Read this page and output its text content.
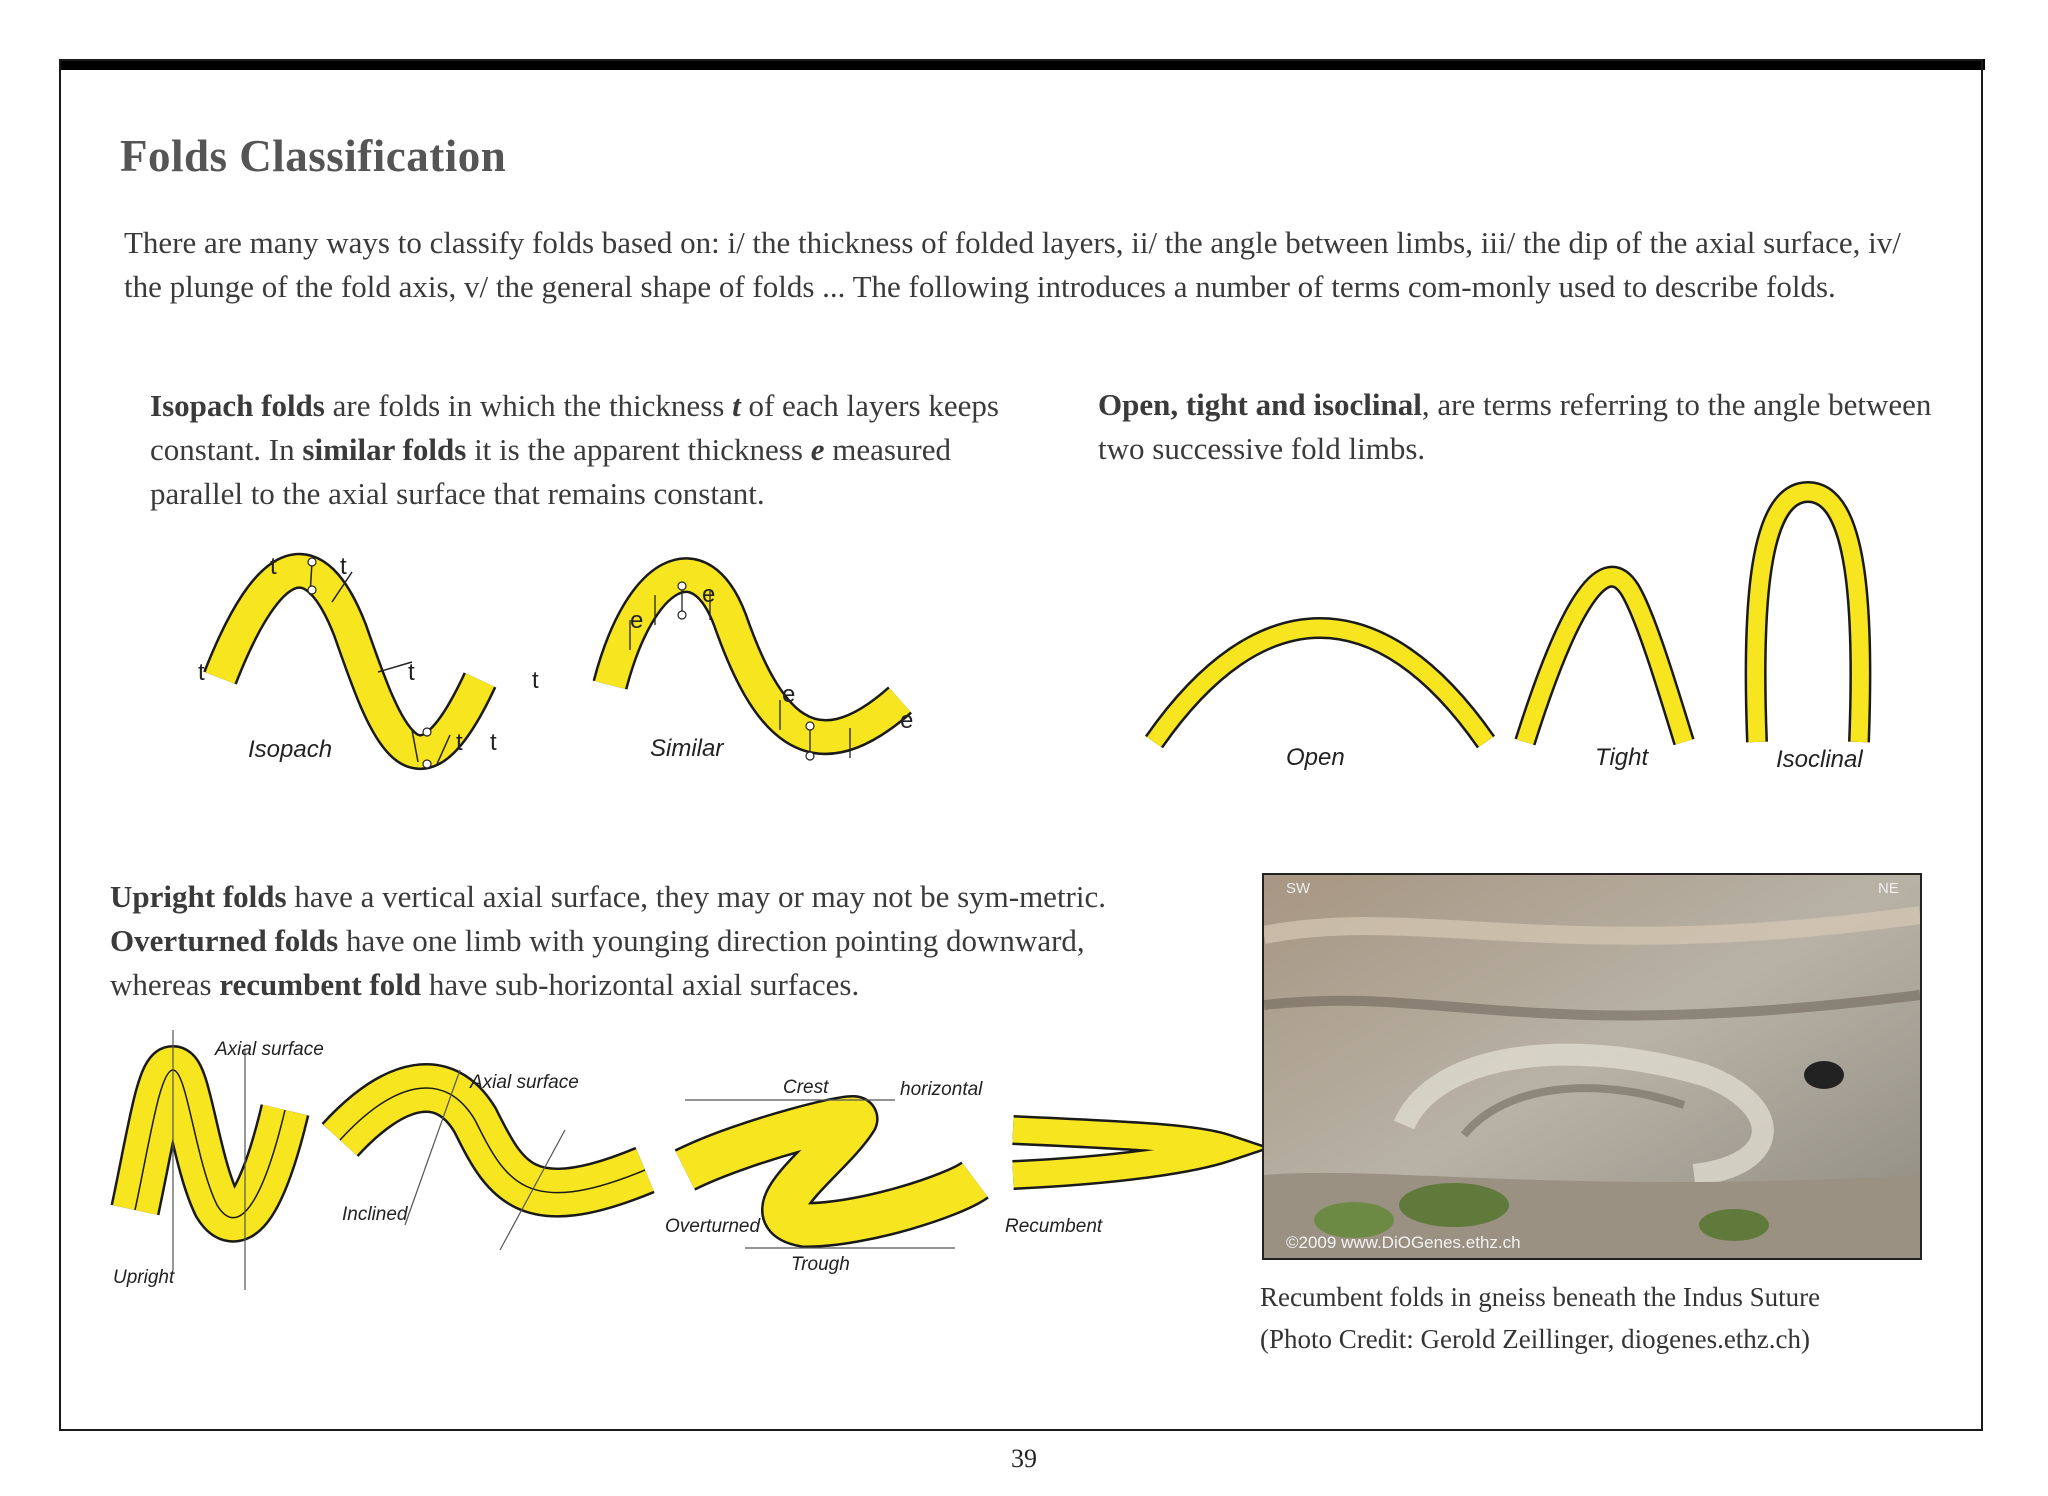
Folds Classification

There are many ways to classify folds based on: i/ the thickness of folded layers, ii/ the angle between limbs, iii/ the dip of the axial surface, iv/ the plunge of the fold axis, v/ the general shape of folds ... The following introduces a number of terms com-monly used to describe folds.

Isopach folds are folds in which the thickness t of each layers keeps constant. In similar folds it is the apparent thickness e measured parallel to the axial surface that remains constant.

Open, tight and isoclinal, are terms referring to the angle between two successive fold limbs.

Upright folds have a vertical axial surface, they may or may not be sym-metric. Overturned folds have one limb with younging direction pointing downward, whereas recumbent fold have sub-horizontal axial surfaces.

t	t
t	t	t
t t
Isopach
e
e
e
e
Similar	Open	Tight	Isoclinal
Axial surface
Upright
Axial surface
Inclined
Crest	horizontal
Overturned
Trough
Recumbent
SW	NE
©2009 www.DiOGenes.ethz.ch
Recumbent folds in gneiss beneath the Indus Suture
(Photo Credit: Gerold Zeillinger, diogenes.ethz.ch)
39
